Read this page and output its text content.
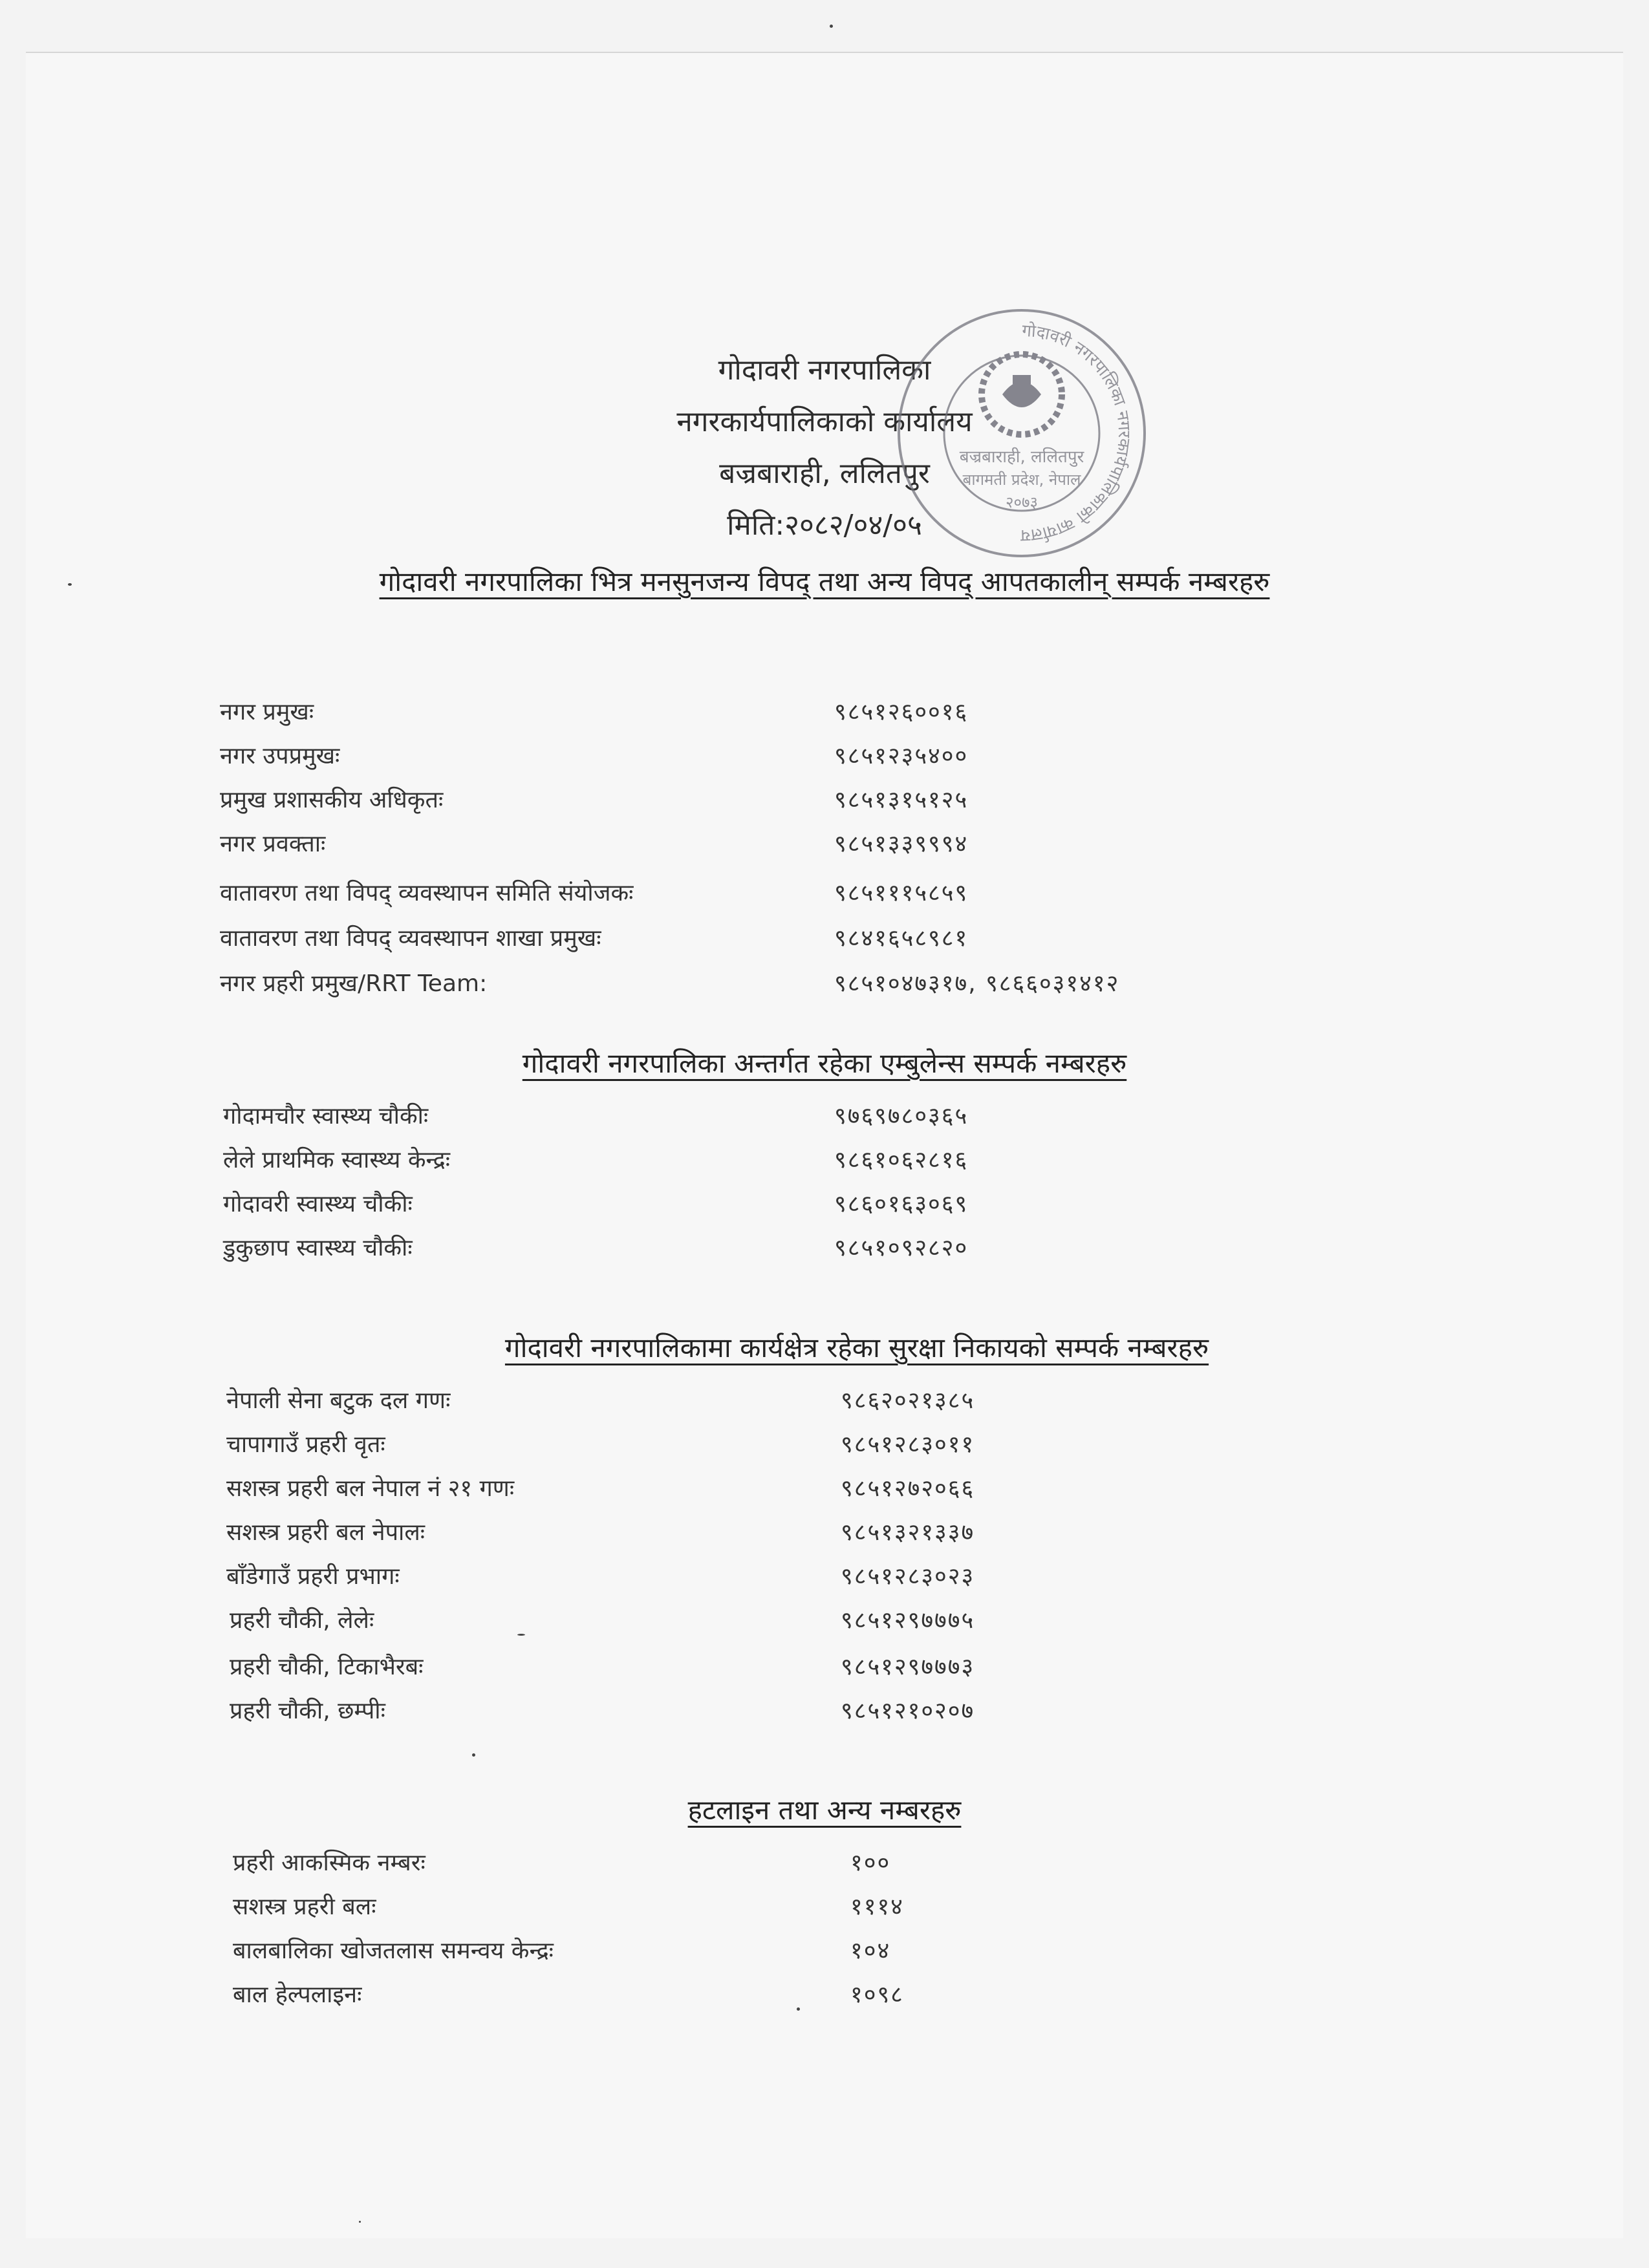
गोदावरी नगरपालिका
नगरकार्यपालिकाको कार्यालय
बज्रबाराही, ललितपुर
मिति:२०८२/०४/०५
गोदावरी नगरपालिका नगरकार्यपालिकाको कार्यालय
बज्रबाराही, ललितपुर
बागमती प्रदेश, नेपाल
२०७३
गोदावरी नगरपालिका भित्र मनसुनजन्य विपद् तथा अन्य विपद् आपतकालीन् सम्पर्क नम्बरहरु
नगर प्रमुखः	९८५१२६००१६
नगर उपप्रमुखः	९८५१२३५४००
प्रमुख प्रशासकीय अधिकृतः	९८५१३१५१२५
नगर प्रवक्ताः	९८५१३३९९९४
वातावरण तथा विपद् व्यवस्थापन समिति संयोजकः	९८५१११५८५९
वातावरण तथा विपद् व्यवस्थापन शाखा प्रमुखः	९८४१६५८९८१
नगर प्रहरी प्रमुख/RRT Team:	९८५१०४७३१७, ९८६६०३१४१२
गोदावरी नगरपालिका अन्तर्गत रहेका एम्बुलेन्स सम्पर्क नम्बरहरु
गोदामचौर स्वास्थ्य चौकीः	९७६९७८०३६५
लेले प्राथमिक स्वास्थ्य केन्द्रः	९८६१०६२८१६
गोदावरी स्वास्थ्य चौकीः	९८६०१६३०६९
डुकुछाप स्वास्थ्य चौकीः	९८५१०९२८२०
गोदावरी नगरपालिकामा कार्यक्षेत्र रहेका सुरक्षा निकायको सम्पर्क नम्बरहरु
नेपाली सेना बटुक दल गणः	९८६२०२१३८५
चापागाउँ प्रहरी वृतः	९८५१२८३०११
सशस्त्र प्रहरी बल नेपाल नं २१ गणः	९८५१२७२०६६
सशस्त्र प्रहरी बल नेपालः	९८५१३२१३३७
बाँडेगाउँ प्रहरी प्रभागः	९८५१२८३०२३
प्रहरी चौकी, लेलेः	९८५१२९७७७५
प्रहरी चौकी, टिकाभैरबः	९८५१२९७७७३
प्रहरी चौकी, छम्पीः	९८५१२१०२०७
हटलाइन तथा अन्य नम्बरहरु
प्रहरी आकस्मिक नम्बरः	१००
सशस्त्र प्रहरी बलः	१११४
बालबालिका खोजतलास समन्वय केन्द्रः	१०४
बाल हेल्पलाइनः	१०९८
